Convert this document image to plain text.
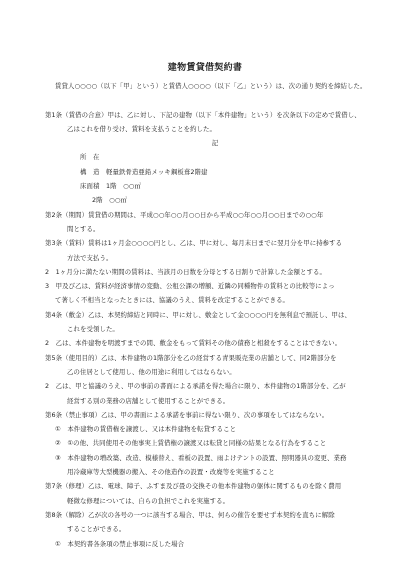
建物賃貸借契約書

賃貸人○○○○（以下「甲」という）と賃借人○○○○（以下「乙」という）は、次の通り契約を締結した。

第1条（賃借の合意）甲は、乙に対し、下記の建物（以下「本件建物」という）を次条以下の定めで賃借し、

乙はこれを借り受け、賃料を支払うことを約した。

記

所　在

構　造　軽量鉄骨造亜鉛メッキ鋼板葺2階建

床面積　1階　○○㎡

2階　○○㎡

第2条（期間）賃貸借の期間は、平成○○年○○月○○日から平成○○年○○月○○日までの○○年

間とする。

第3条（賃料）賃料は1ヶ月金○○○○円とし、乙は、甲に対し、毎月末日までに翌月分を甲に持参する

方法で支払う。

2　1ヶ月分に満たない期間の賃料は、当該月の日数を分母とする日割りで計算した金額とする。

3　甲及び乙は、賃料が経済事情の変動、公租公課の増額、近隣の同種物件の賃料との比較等によっ

て著しく不相当となったときには、協議のうえ、賃料を改定することができる。

第4条（敷金）乙は、本契約締結と同時に、甲に対し、敷金として金○○○○円を無利息で預託し、甲は、

これを受領した。

2　乙は、本件建物を明渡すまでの間、敷金をもって賃料その他の債務と相殺をすることはできない。

第5条（使用目的）乙は、本件建物の1階部分を乙の経営する青果販売業の店舗として、同2階部分を

乙の住居として使用し、他の用途に利用してはならない。

2　乙は、甲と協議のうえ、甲の事前の書面による承諾を得た場合に限り、本件建物の1階部分を、乙が

経営する別の業務の店舗として使用することができる。

第6条（禁止事項）乙は、甲の書面による承諾を事前に得ない限り、次の事項をしてはならない。

①　本件建物の賃借権を譲渡し、又は本件建物を転貸すること

②　①の他、共同使用その他事実上賃借権の譲渡又は転貸と同様の結果となる行為をすること

③　本件建物の増改築、改造、模様替え、看板の設置、雨よけテントの設置、照明器具の変更、業務

用冷蔵庫等大型機器の搬入、その他造作の設置・改廃等を実施すること

第7条（修理）乙は、電球、障子、ふすま及び畳の交換その他本件建物の躯体に関するものを除く費用

軽微な修理については、自らの負担でこれを実施する。

第8条（解除）乙が次の各号の一つに該当する場合、甲は、何らの催告を要せず本契約を直ちに解除

することができる。

①　本契約書各条項の禁止事項に反した場合
